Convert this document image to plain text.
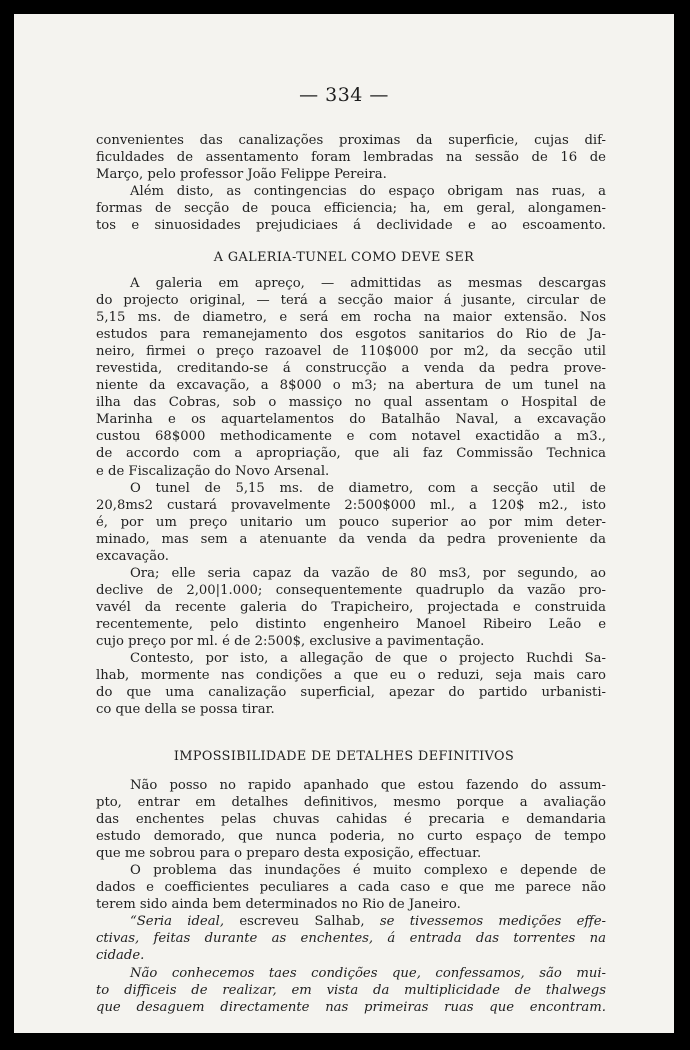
— 334 —

convenientes das canalizações proximas da superficie, cujas dif-

ficuldades de assentamento foram lembradas na sessão de 16 de

Março, pelo professor João Felippe Pereira.

Além disto, as contingencias do espaço obrigam nas ruas, a

formas de secção de pouca efficiencia; ha, em geral, alongamen-

tos e sinuosidades prejudiciaes á declividade e ao escoamento.

A GALERIA-TUNEL COMO DEVE SER

A galeria em apreço, — admittidas as mesmas descargas

do projecto original, — terá a secção maior á jusante, circular de

5,15 ms. de diametro, e será em rocha na maior extensão. Nos

estudos para remanejamento dos esgotos sanitarios do Rio de Ja-

neiro, firmei o preço razoavel de 110$000 por m2, da secção util

revestida, creditando-se á construcção a venda da pedra prove-

niente da excavação, a 8$000 o m3; na abertura de um tunel na

ilha das Cobras, sob o massiço no qual assentam o Hospital de

Marinha e os aquartelamentos do Batalhão Naval, a excavação

custou 68$000 methodicamente e com notavel exactidão a m3.,

de accordo com a apropriação, que ali faz Commissão Technica

e de Fiscalização do Novo Arsenal.

O tunel de 5,15 ms. de diametro, com a secção util de

20,8ms2 custará provavelmente 2:500$000 ml., a 120$ m2., isto

é, por um preço unitario um pouco superior ao por mim deter-

minado, mas sem a atenuante da venda da pedra proveniente da

excavação.

Ora; elle seria capaz da vazão de 80 ms3, por segundo, ao

declive de 2,00|1.000; consequentemente quadruplo da vazão pro-

vavél da recente galeria do Trapicheiro, projectada e construida

recentemente, pelo distinto engenheiro Manoel Ribeiro Leão e

cujo preço por ml. é de 2:500$, exclusive a pavimentação.

Contesto, por isto, a allegação de que o projecto Ruchdi Sa-

lhab, mormente nas condições a que eu o reduzi, seja mais caro

do que uma canalização superficial, apezar do partido urbanisti-

co que della se possa tirar.

IMPOSSIBILIDADE DE DETALHES DEFINITIVOS

Não posso no rapido apanhado que estou fazendo do assum-

pto, entrar em detalhes definitivos, mesmo porque a avaliação

das enchentes pelas chuvas cahidas é precaria e demandaria

estudo demorado, que nunca poderia, no curto espaço de tempo

que me sobrou para o preparo desta exposição, effectuar.

O problema das inundações é muito complexo e depende de

dados e coefficientes peculiares a cada caso e que me parece não

terem sido ainda bem determinados no Rio de Janeiro.

“Seria ideal, escreveu Salhab, se tivessemos medições effe-

ctivas, feitas durante as enchentes, á entrada das torrentes na

cidade.

Não conhecemos taes condições que, confessamos, são mui-

to difficeis de realizar, em vista da multiplicidade de thalwegs

que desaguem directamente nas primeiras ruas que encontram.
